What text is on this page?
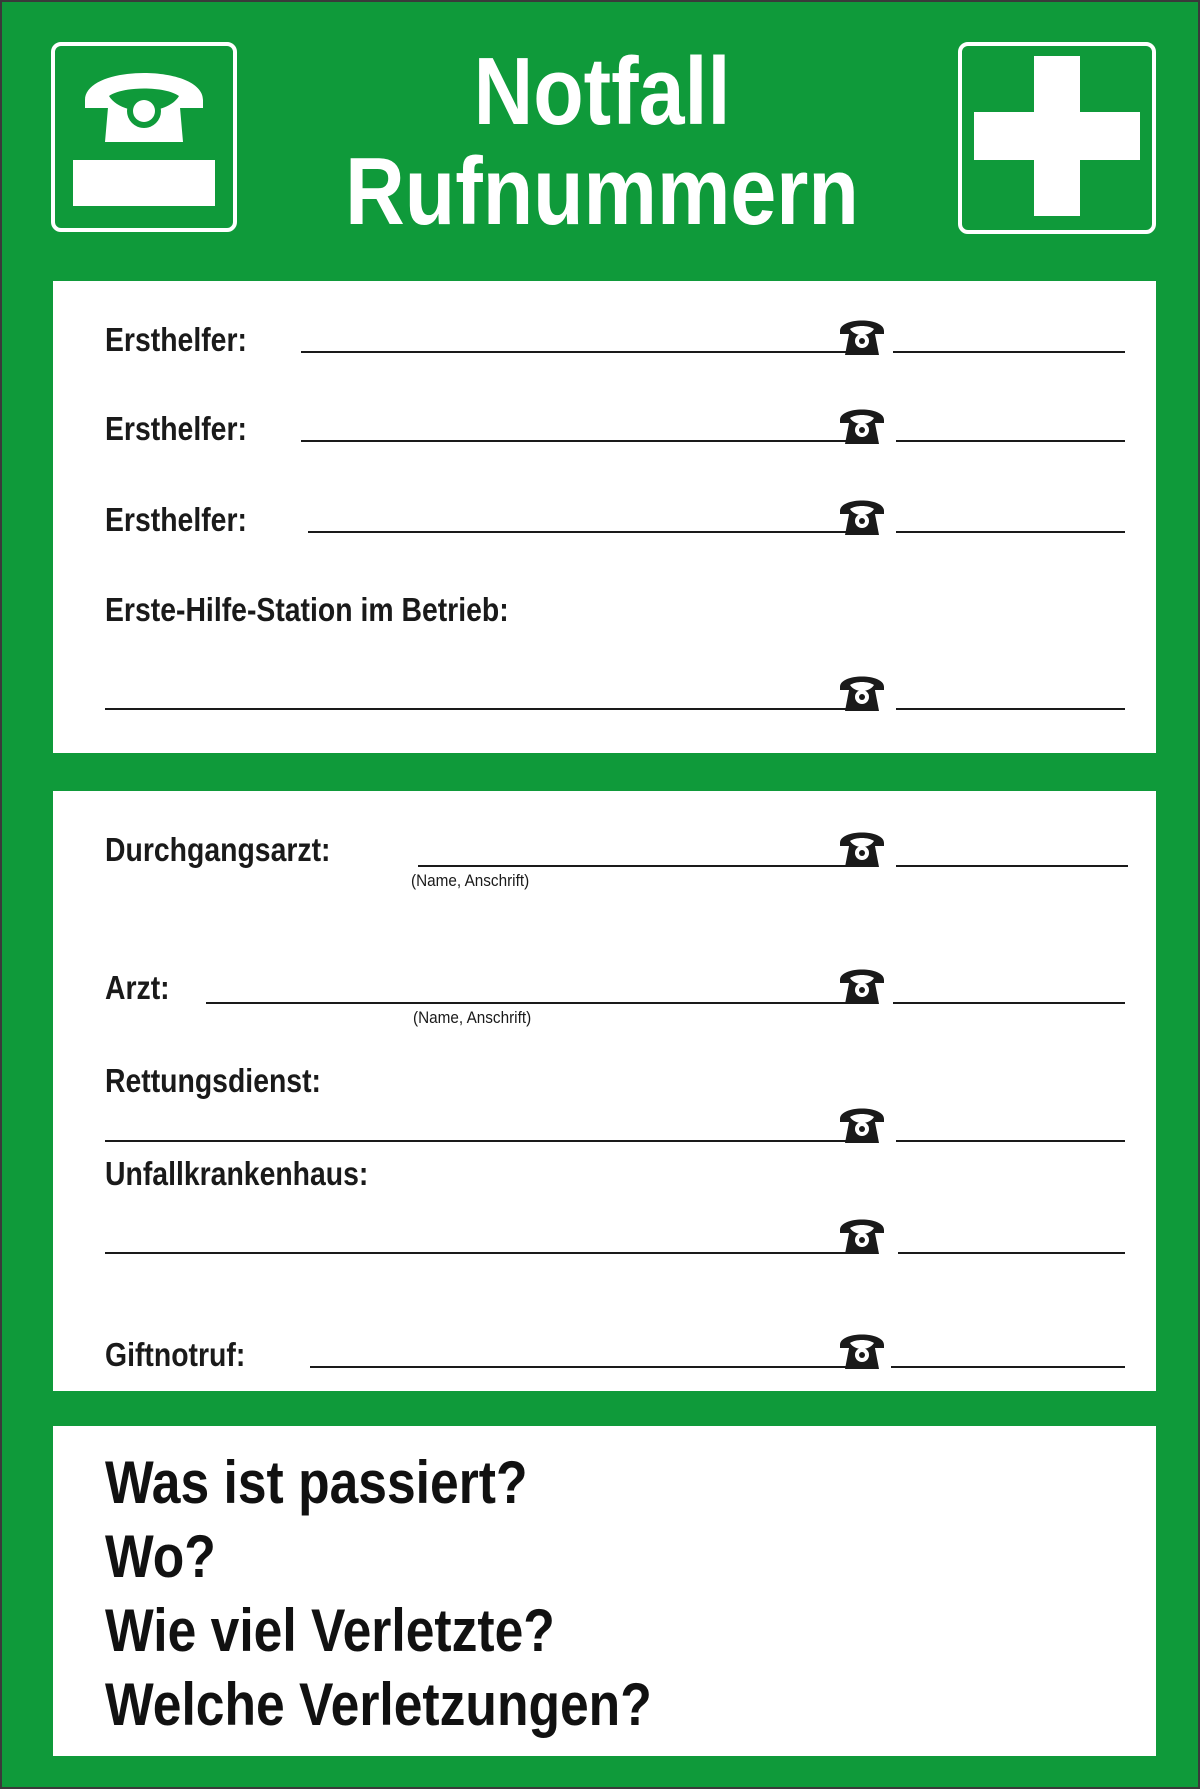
Notfall
Rufnummern
Ersthelfer:
Ersthelfer:
Ersthelfer:
Erste-Hilfe-Station im Betrieb:
Durchgangsarzt:
(Name, Anschrift)
Arzt:
(Name, Anschrift)
Rettungsdienst:
Unfallkrankenhaus:
Giftnotruf:
Was ist passiert?
Wo?
Wie viel Verletzte?
Welche Verletzungen?
